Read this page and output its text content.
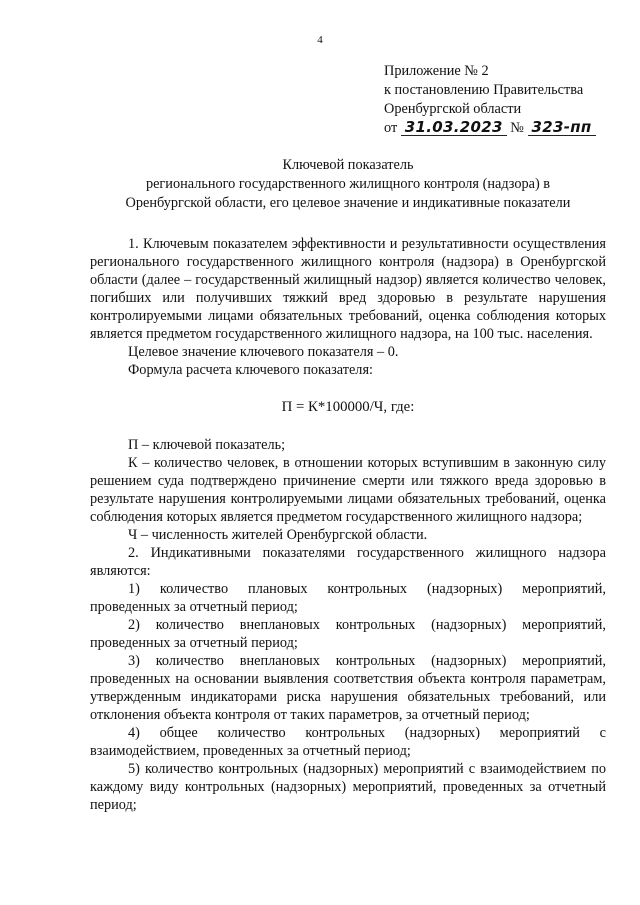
4
Приложение № 2
к постановлению Правительства
Оренбургской области
от 31.03.2023 № 323-пп
Ключевой показатель
регионального государственного жилищного контроля (надзора) в
Оренбургской области, его целевое значение и индикативные показатели

1. Ключевым показателем эффективности и результативности осуществления регионального государственного жилищного контроля (надзора) в Оренбургской области (далее – государственный жилищный надзор) является количество человек, погибших или получивших тяжкий вред здоровью в результате нарушения контролируемыми лицами обязательных требований, оценка соблюдения которых является предметом государственного жилищного надзора, на 100 тыс. населения.

Целевое значение ключевого показателя – 0.

Формула расчета ключевого показателя:

П = К*100000/Ч, где:

П – ключевой показатель;

К – количество человек, в отношении которых вступившим в законную силу решением суда подтверждено причинение смерти или тяжкого вреда здоровью в результате нарушения контролируемыми лицами обязательных требований, оценка соблюдения которых является предметом государственного жилищного надзора;

Ч – численность жителей Оренбургской области.

2. Индикативными показателями государственного жилищного надзора являются:

1) количество плановых контрольных (надзорных) мероприятий, проведенных за отчетный период;

2) количество внеплановых контрольных (надзорных) мероприятий, проведенных за отчетный период;

3) количество внеплановых контрольных (надзорных) мероприятий, проведенных на основании выявления соответствия объекта контроля параметрам, утвержденным индикаторами риска нарушения обязательных требований, или отклонения объекта контроля от таких параметров, за отчетный период;

4) общее количество контрольных (надзорных) мероприятий с взаимодействием, проведенных за отчетный период;

5) количество контрольных (надзорных) мероприятий с взаимодействием по каждому виду контрольных (надзорных) мероприятий, проведенных за отчетный период;
